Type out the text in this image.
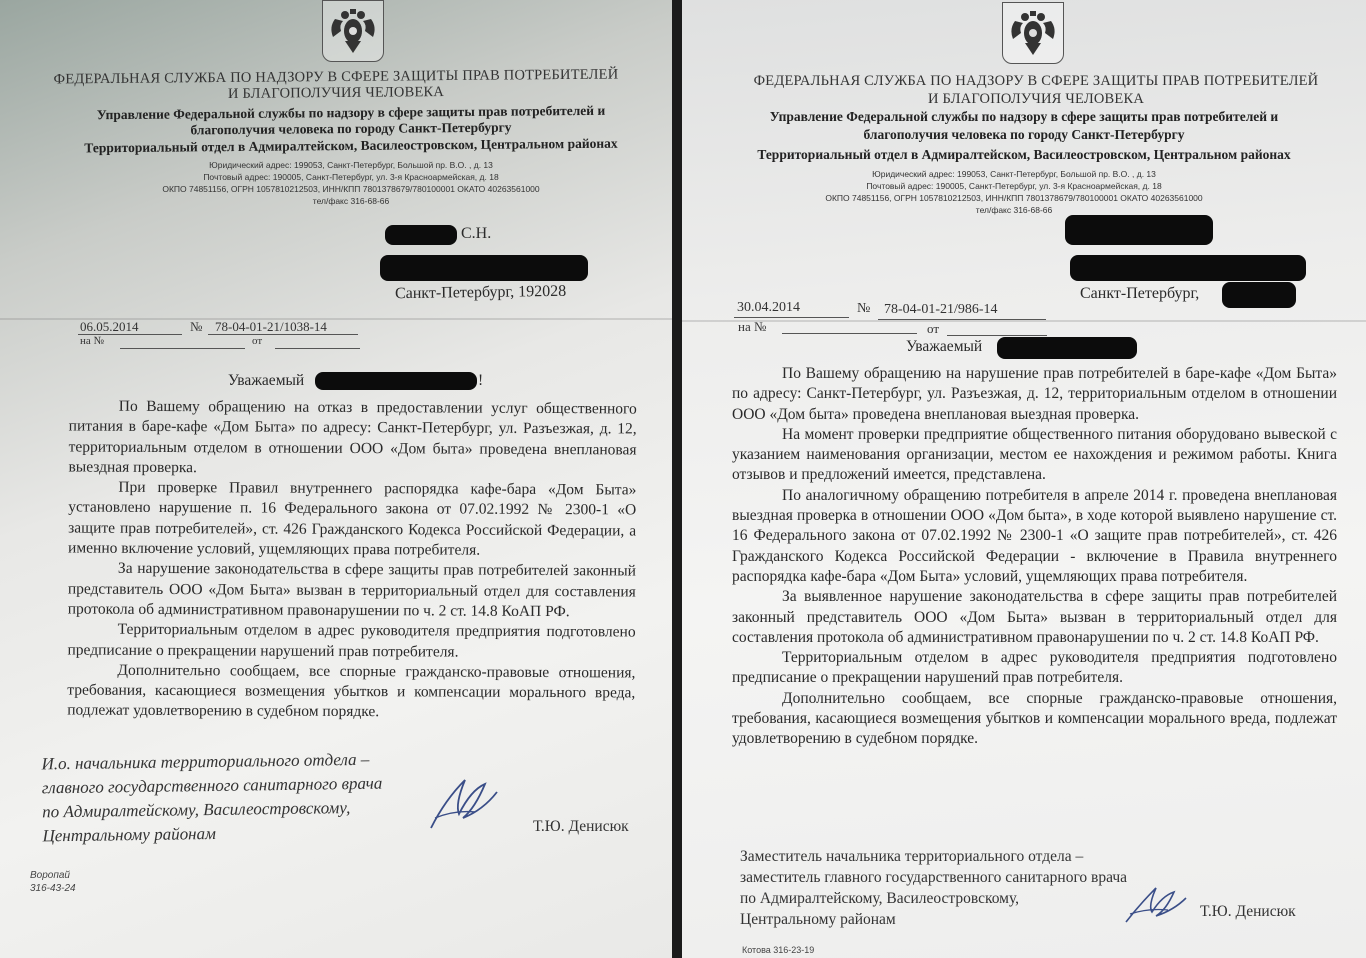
ФЕДЕРАЛЬНАЯ СЛУЖБА ПО НАДЗОРУ В СФЕРЕ ЗАЩИТЫ ПРАВ ПОТРЕБИТЕЛЕЙ
И БЛАГОПОЛУЧИЯ ЧЕЛОВЕКА
Управление Федеральной службы по надзору в сфере защиты прав потребителей и
благополучия человека по городу Санкт-Петербургу
Территориальный отдел в Адмиралтейском, Василеостровском, Центральном районах
Юридический адрес: 199053, Санкт-Петербург, Большой пр. В.О. , д. 13
Почтовый адрес: 190005, Санкт-Петербург, ул. 3-я Красноармейская, д. 18
ОКПО 74851156, ОГРН 1057810212503, ИНН/КПП 7801378679/780100001 ОКАТО 40263561000
тел/факс 316-68-66
С.Н.
Санкт-Петербург, 192028
06.05.2014	№ 78-04-01-21/1038-14
на №	от
Уважаемый	!

По Вашему обращению на отказ в предоставлении услуг общественного питания в баре-кафе «Дом Быта» по адресу: Санкт-Петербург, ул. Разъезжая, д. 12, территориальным отделом в отношении ООО «Дом быта» проведена внеплановая выездная проверка.

При проверке Правил внутреннего распорядка кафе-бара «Дом Быта» установлено нарушение п. 16 Федерального закона от 07.02.1992 № 2300-1 «О защите прав потребителей», ст. 426 Гражданского Кодекса Российской Федерации, а именно включение условий, ущемляющих права потребителя.

За нарушение законодательства в сфере защиты прав потребителей законный представитель ООО «Дом Быта» вызван в территориальный отдел для составления протокола об административном правонарушении по ч. 2 ст. 14.8 КоАП РФ.

Территориальным отделом в адрес руководителя предприятия подготовлено предписание о прекращении нарушений прав потребителя.

Дополнительно сообщаем, все спорные гражданско-правовые отношения, требования, касающиеся возмещения убытков и компенсации морального вреда, подлежат удовлетворению в судебном порядке.

И.о. начальника территориального отдела –
главного государственного санитарного врача
по Адмиралтейскому, Василеостровскому,
Центральному районам	Т.Ю. Денисюк
Воропай
316-43-24
ФЕДЕРАЛЬНАЯ СЛУЖБА ПО НАДЗОРУ В СФЕРЕ ЗАЩИТЫ ПРАВ ПОТРЕБИТЕЛЕЙ
И БЛАГОПОЛУЧИЯ ЧЕЛОВЕКА
Управление Федеральной службы по надзору в сфере защиты прав потребителей и
благополучия человека по городу Санкт-Петербургу
Территориальный отдел в Адмиралтейском, Василеостровском, Центральном районах
Юридический адрес: 199053, Санкт-Петербург, Большой пр. В.О. , д. 13
Почтовый адрес: 190005, Санкт-Петербург, ул. 3-я Красноармейская, д. 18
ОКПО 74851156, ОГРН 1057810212503, ИНН/КПП 7801378679/780100001 ОКАТО 40263561000
тел/факс 316-68-66
Санкт-Петербург,
30.04.2014	№ 78-04-01-21/986-14
на №	от
Уважаемый

По Вашему обращению на нарушение прав потребителей в баре-кафе «Дом Быта» по адресу: Санкт-Петербург, ул. Разъезжая, д. 12, территориальным отделом в отношении ООО «Дом быта» проведена внеплановая выездная проверка.

На момент проверки предприятие общественного питания оборудовано вывеской с указанием наименования организации, местом ее нахождения и режимом работы. Книга отзывов и предложений имеется, представлена.

По аналогичному обращению потребителя в апреле 2014 г. проведена внеплановая выездная проверка в отношении ООО «Дом быта», в ходе которой выявлено нарушение ст. 16 Федерального закона от 07.02.1992 № 2300-1 «О защите прав потребителей», ст. 426 Гражданского Кодекса Российской Федерации - включение в Правила внутреннего распорядка кафе-бара «Дом Быта» условий, ущемляющих права потребителя.

За выявленное нарушение законодательства в сфере защиты прав потребителей законный представитель ООО «Дом Быта» вызван в территориальный отдел для составления протокола об административном правонарушении по ч. 2 ст. 14.8 КоАП РФ.

Территориальным отделом в адрес руководителя предприятия подготовлено предписание о прекращении нарушений прав потребителя.

Дополнительно сообщаем, все спорные гражданско-правовые отношения, требования, касающиеся возмещения убытков и компенсации морального вреда, подлежат удовлетворению в судебном порядке.

Заместитель начальника территориального отдела –
заместитель главного государственного санитарного врача
по Адмиралтейскому, Василеостровскому,
Центральному районам	Т.Ю. Денисюк
Котова 316-23-19
